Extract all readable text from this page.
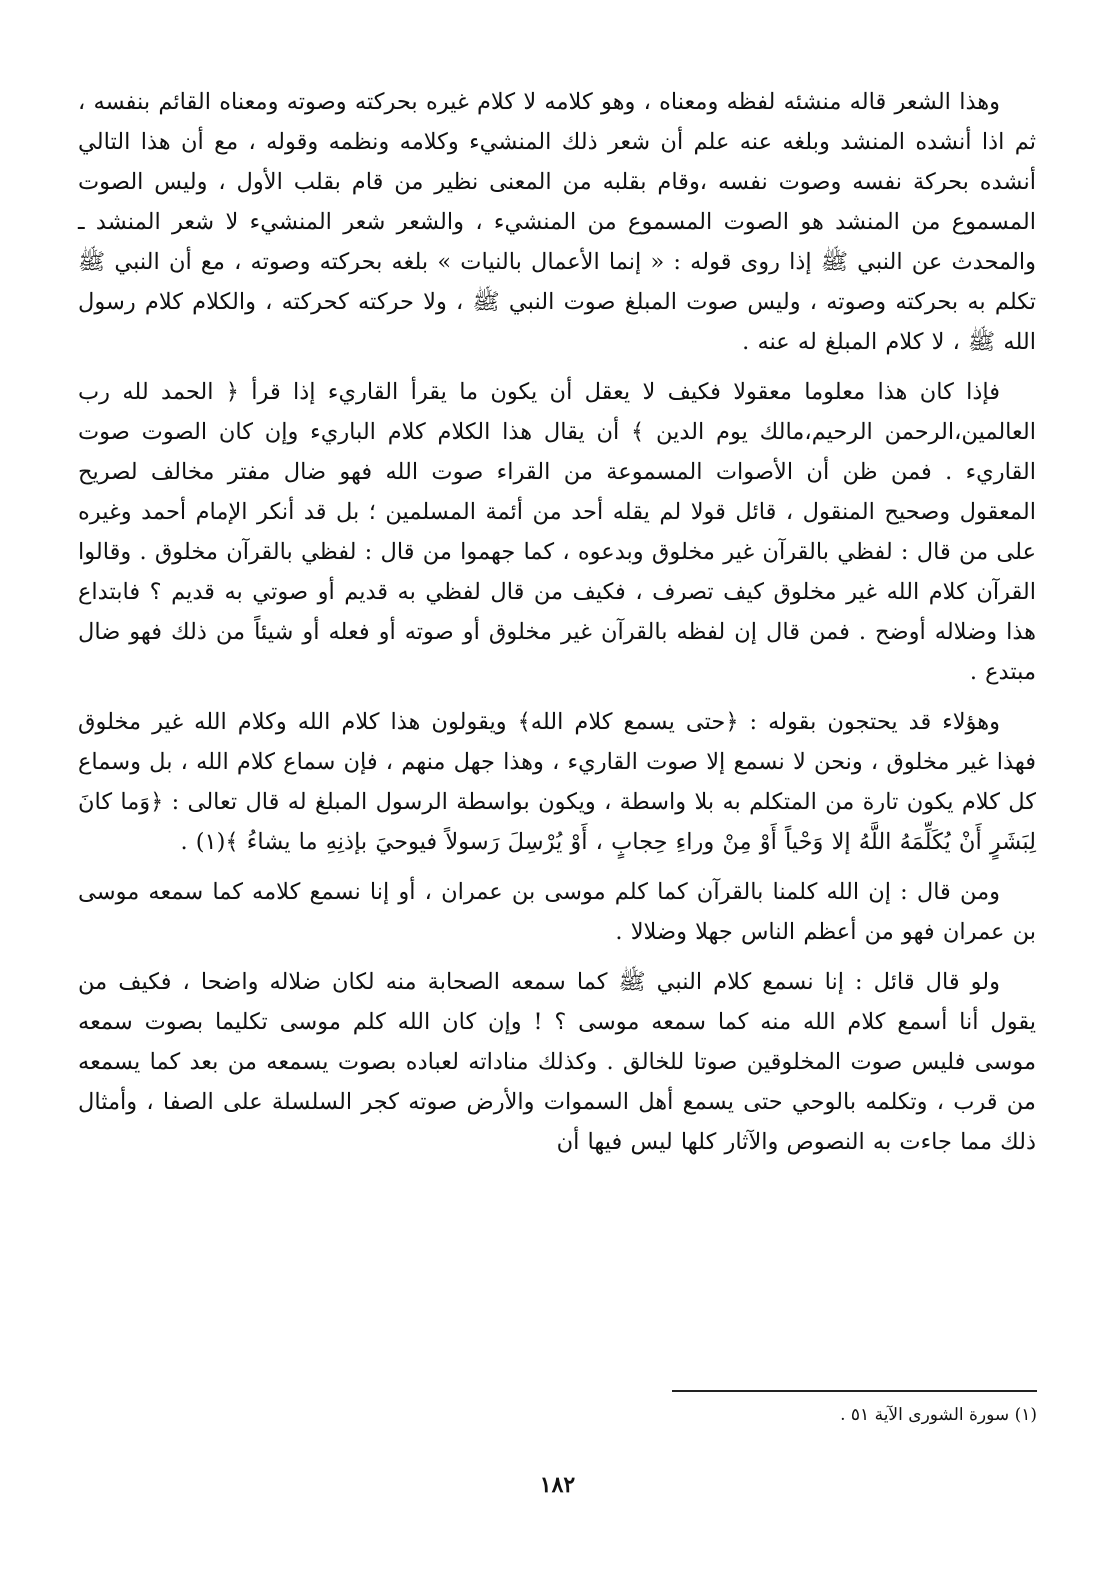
وهذا الشعر قاله منشئه لفظه ومعناه ، وهو كلامه لا كلام غيره بحركته وصوته ومعناه القائم بنفسه ، ثم اذا أنشده المنشد وبلغه عنه علم أن شعر ذلك المنشيء وكلامه ونظمه وقوله ، مع أن هذا التالي أنشده بحركة نفسه وصوت نفسه ،وقام بقلبه من المعنى نظير من قام بقلب الأول ، وليس الصوت المسموع من المنشد هو الصوت المسموع من المنشيء ، والشعر شعر المنشيء لا شعر المنشد ـ والمحدث عن النبي ﷺ إذا روى قوله : « إنما الأعمال بالنيات » بلغه بحركته وصوته ، مع أن النبي ﷺ تكلم به بحركته وصوته ، وليس صوت المبلغ صوت النبي ﷺ ، ولا حركته كحركته ، والكلام كلام رسول الله ﷺ ، لا كلام المبلغ له عنه .

فإذا كان هذا معلوما معقولا فكيف لا يعقل أن يكون ما يقرأ القاريء إذا قرأ ﴿ الحمد لله رب العالمين،الرحمن الرحيم،مالك يوم الدين ﴾ أن يقال هذا الكلام كلام الباريء وإن كان الصوت صوت القاريء . فمن ظن أن الأصوات المسموعة من القراء صوت الله فهو ضال مفتر مخالف لصريح المعقول وصحيح المنقول ، قائل قولا لم يقله أحد من أئمة المسلمين ؛ بل قد أنكر الإمام أحمد وغيره على من قال : لفظي بالقرآن غير مخلوق وبدعوه ، كما جهموا من قال : لفظي بالقرآن مخلوق . وقالوا القرآن كلام الله غير مخلوق كيف تصرف ، فكيف من قال لفظي به قديم أو صوتي به قديم ؟ فابتداع هذا وضلاله أوضح . فمن قال إن لفظه بالقرآن غير مخلوق أو صوته أو فعله أو شيئاً من ذلك فهو ضال مبتدع .

وهؤلاء قد يحتجون بقوله : ﴿حتى يسمع كلام الله﴾ ويقولون هذا كلام الله وكلام الله غير مخلوق فهذا غير مخلوق ، ونحن لا نسمع إلا صوت القاريء ، وهذا جهل منهم ، فإن سماع كلام الله ، بل وسماع كل كلام يكون تارة من المتكلم به بلا واسطة ، ويكون بواسطة الرسول المبلغ له قال تعالى : ﴿وَما كانَ لِبَشَرٍ أَنْ يُكَلِّمَهُ اللَّهُ إلا وَحْياً أَوْ مِنْ وراءِ حِجابٍ ، أَوْ يُرْسِلَ رَسولاً فيوحيَ بإذنِهِ ما يشاءُ ﴾(١) .

ومن قال : إن الله كلمنا بالقرآن كما كلم موسى بن عمران ، أو إنا نسمع كلامه كما سمعه موسى بن عمران فهو من أعظم الناس جهلا وضلالا .

ولو قال قائل : إنا نسمع كلام النبي ﷺ كما سمعه الصحابة منه لكان ضلاله واضحا ، فكيف من يقول أنا أسمع كلام الله منه كما سمعه موسى ؟ ! وإن كان الله كلم موسى تكليما بصوت سمعه موسى فليس صوت المخلوقين صوتا للخالق . وكذلك مناداته لعباده بصوت يسمعه من بعد كما يسمعه من قرب ، وتكلمه بالوحي حتى يسمع أهل السموات والأرض صوته كجر السلسلة على الصفا ، وأمثال ذلك مما جاءت به النصوص والآثار كلها ليس فيها أن

(١) سورة الشورى الآية ٥١ .
١٨٢
